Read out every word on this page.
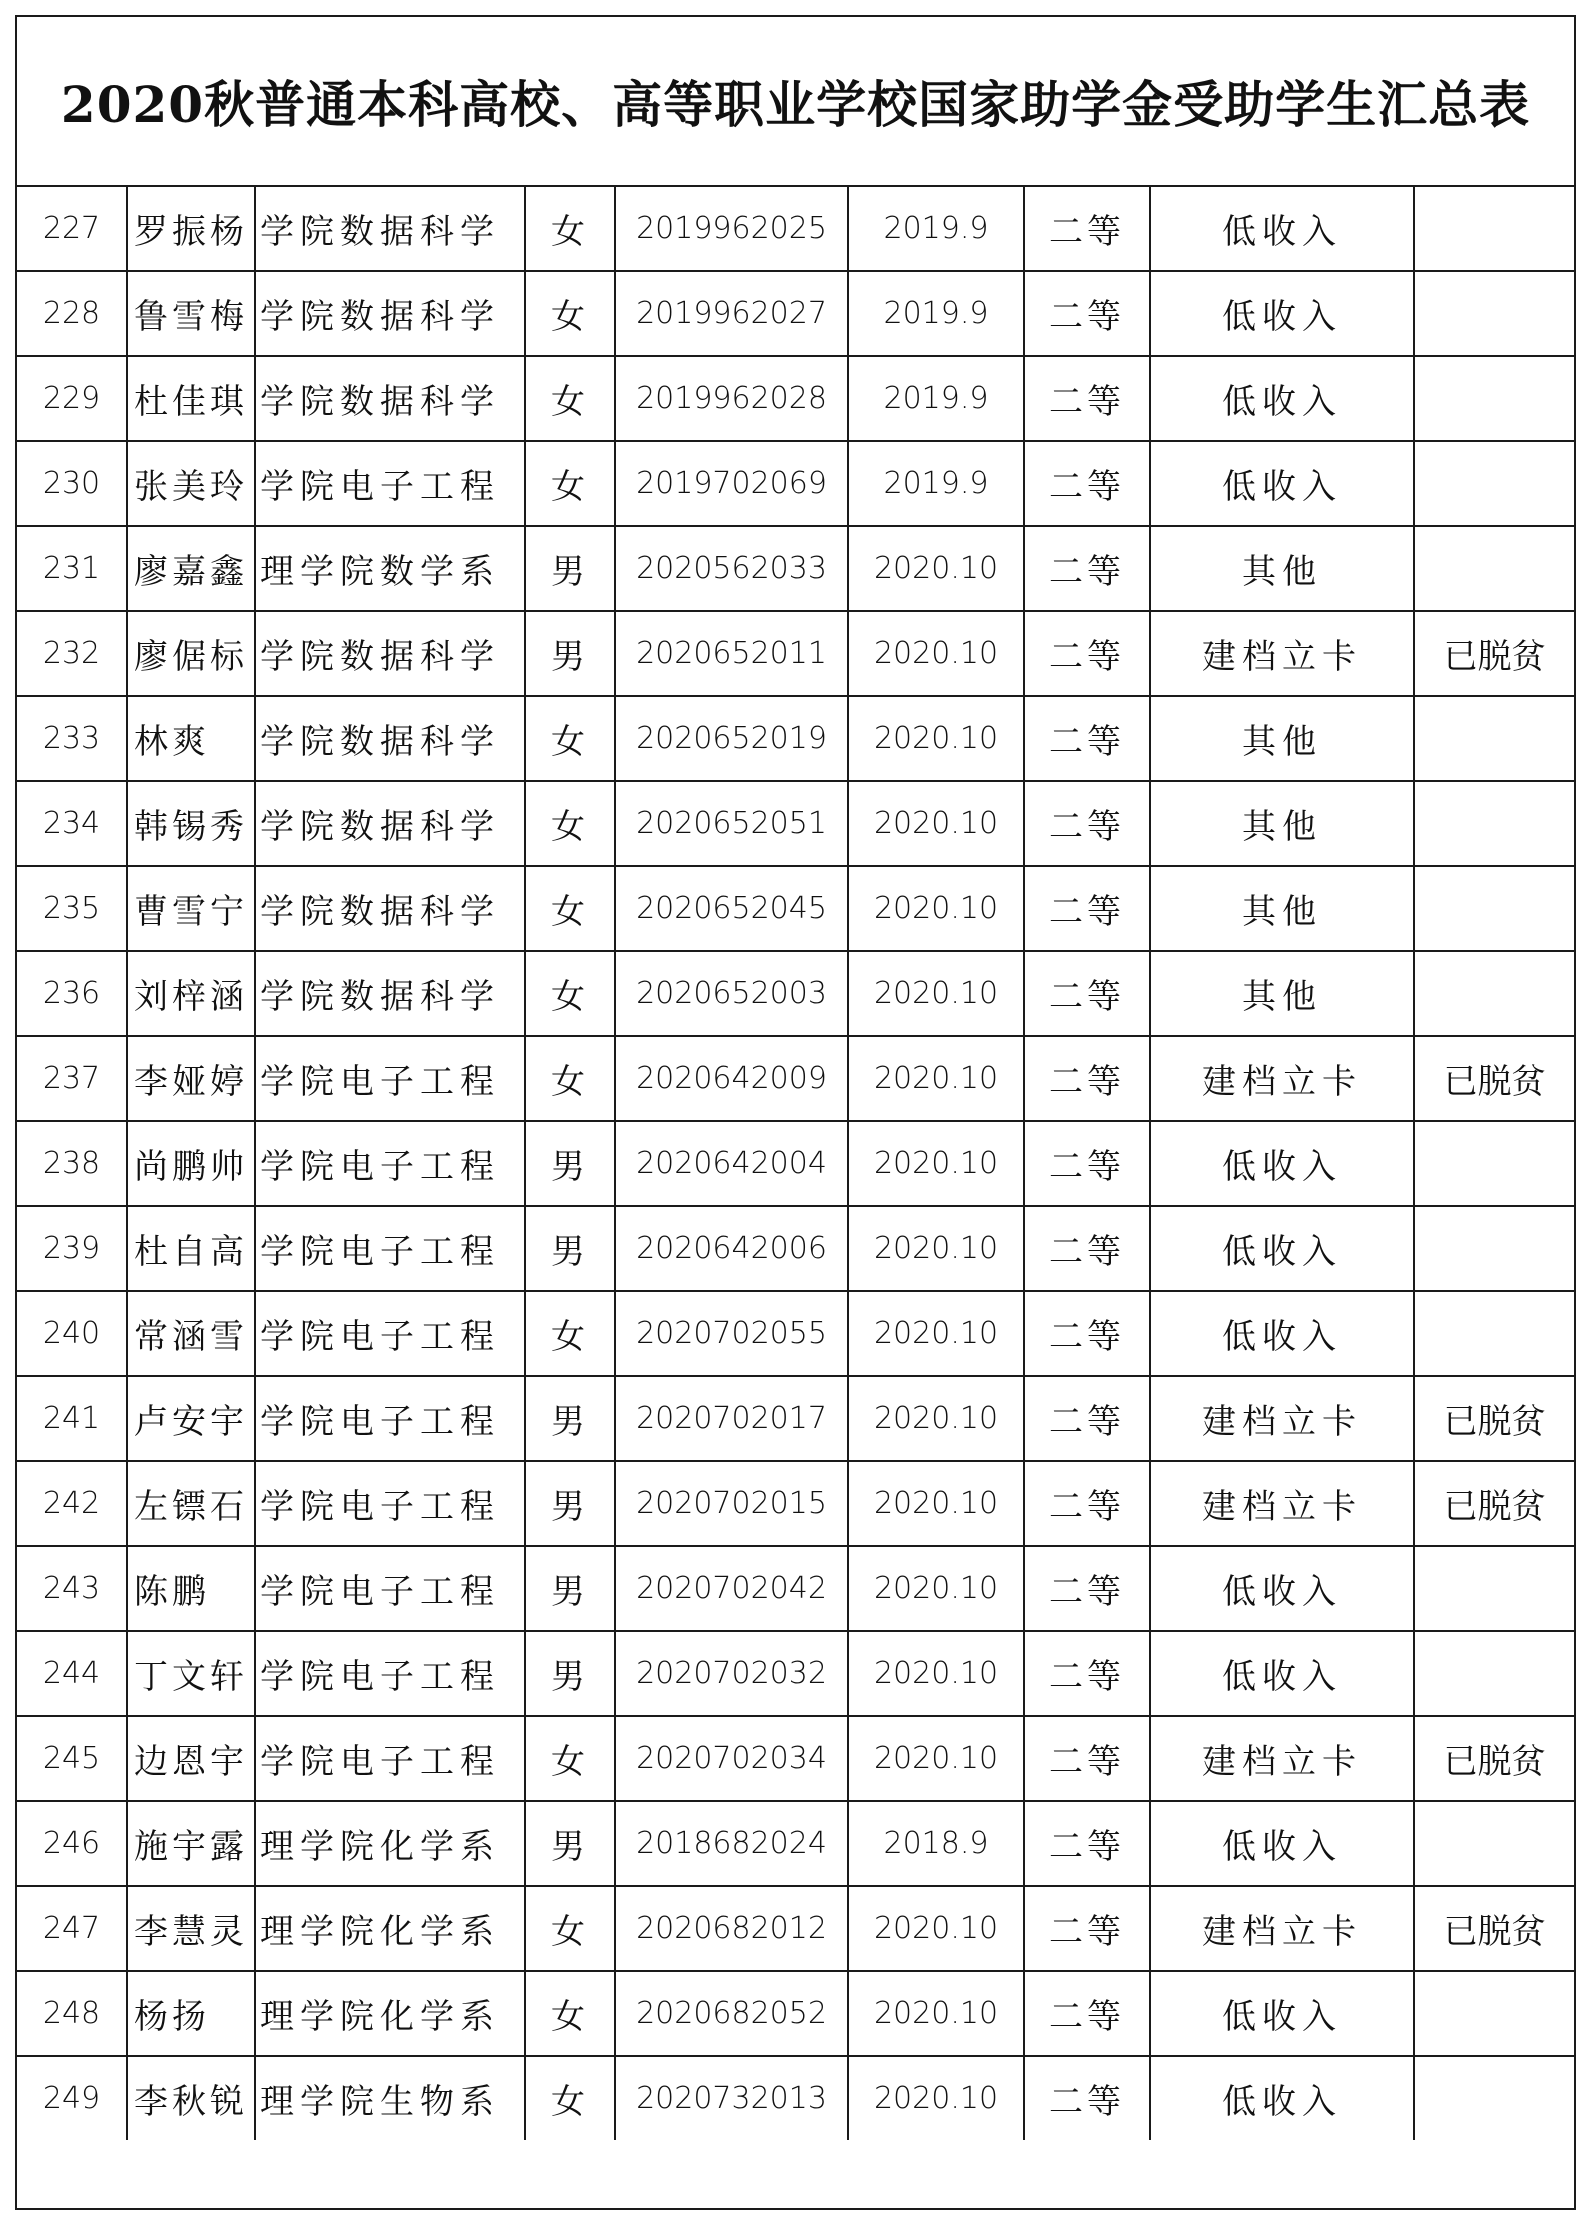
2020秋普通本科高校、高等职业学校国家助学金受助学生汇总表
227	罗振杨	学院数据科学	女	2019962025	2019.9	二等	低收入	
228	鲁雪梅	学院数据科学	女	2019962027	2019.9	二等	低收入	
229	杜佳琪	学院数据科学	女	2019962028	2019.9	二等	低收入	
230	张美玲	学院电子工程	女	2019702069	2019.9	二等	低收入	
231	廖嘉鑫	理学院数学系	男	2020562033	2020.10	二等	其他	
232	廖倨标	学院数据科学	男	2020652011	2020.10	二等	建档立卡	已脱贫
233	林爽	学院数据科学	女	2020652019	2020.10	二等	其他	
234	韩锡秀	学院数据科学	女	2020652051	2020.10	二等	其他	
235	曹雪宁	学院数据科学	女	2020652045	2020.10	二等	其他	
236	刘梓涵	学院数据科学	女	2020652003	2020.10	二等	其他	
237	李娅婷	学院电子工程	女	2020642009	2020.10	二等	建档立卡	已脱贫
238	尚鹏帅	学院电子工程	男	2020642004	2020.10	二等	低收入	
239	杜自高	学院电子工程	男	2020642006	2020.10	二等	低收入	
240	常涵雪	学院电子工程	女	2020702055	2020.10	二等	低收入	
241	卢安宇	学院电子工程	男	2020702017	2020.10	二等	建档立卡	已脱贫
242	左镖石	学院电子工程	男	2020702015	2020.10	二等	建档立卡	已脱贫
243	陈鹏	学院电子工程	男	2020702042	2020.10	二等	低收入	
244	丁文轩	学院电子工程	男	2020702032	2020.10	二等	低收入	
245	边恩宇	学院电子工程	女	2020702034	2020.10	二等	建档立卡	已脱贫
246	施宇露	理学院化学系	男	2018682024	2018.9	二等	低收入	
247	李慧灵	理学院化学系	女	2020682012	2020.10	二等	建档立卡	已脱贫
248	杨扬	理学院化学系	女	2020682052	2020.10	二等	低收入	
249	李秋锐	理学院生物系	女	2020732013	2020.10	二等	低收入	
